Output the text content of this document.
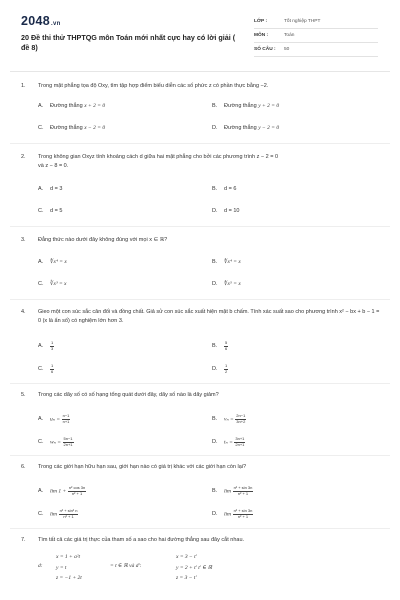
2048.vn
20 Đề thi thử THPTQG môn Toán mới nhất cực hay có lời giải ( đề 8)
LỚP :	Tốt nghiệp THPT
MÔN :	Toán
SỐ CÂU : 50
1. Trong mặt phẳng tọa độ Oxy, tìm tập hợp điểm biểu diễn các số phức z có phần thực bằng −2.
A. Đường thẳng x + 2 = 0	B. Đường thẳng y + 2 = 0
C. Đường thẳng x − 2 = 0	D. Đường thẳng y − 2 = 0
2. Trong không gian Oxyz tính khoảng cách d giữa hai mặt phẳng cho bởi các phương trình z − 2 = 0
và z − 8 = 0.
A. d = 3	B. d = 6
C. d = 5	D. d = 10
3. Đẳng thức nào dưới đây không đúng với mọi x ∈ ℝ?
A. ∜x⁴ = x	B. ∜x⁴ = x
C. ∛x³ = x	D. ∜x⁵ = x
4. Gieo một con súc sắc cân đối và đồng chất. Giả sử con súc sắc xuất hiện mặt b chấm. Tính xác suất sao cho phương trình x² − bx + b − 1 = 0 (x là ẩn số) có nghiệm lớn hơn 3.
A. $\frac{1}{3}$	B. $\frac{5}{6}$
C. $\frac{1}{6}$	D. $\frac{1}{2}$
5. Trong các dãy số có số hạng tổng quát dưới đây, dãy số nào là dãy giảm?
A. $u_n = \frac{n-1}{n+1}$	B. $v_n = \frac{2n-1}{3n+2}$
C. $w_n = \frac{5n-1}{2n+1}$	D. $t_n = \frac{3n+1}{2n+1}$
6. Trong các giới hạn hữu hạn sau, giới hạn nào có giá trị khác với các giới hạn còn lại?
A. $\lim 1 + \frac{\text{n² cos 3n}}{\text{n² + 1}}$	B. $\lim \frac{\text{n² + sin 3n}}{\text{n² + 1}}$
C. $\lim \frac{\text{n² + sin² n}}{\text{n² + 1}}$	D. $\lim \frac{\text{n² + sin 3n}}{\text{n² + 1}}$
7. Tìm tất cả các giá trị thực của tham số a sao cho hai đường thẳng sau đây cắt nhau.
d:
x = 1 + a²t
y = t
z = −1 + 2t
= t ∈ ℝ và d′:
x = 3 − t′
y = 2 + t′ t′ ∈ ℝ
z = 3 − t′
